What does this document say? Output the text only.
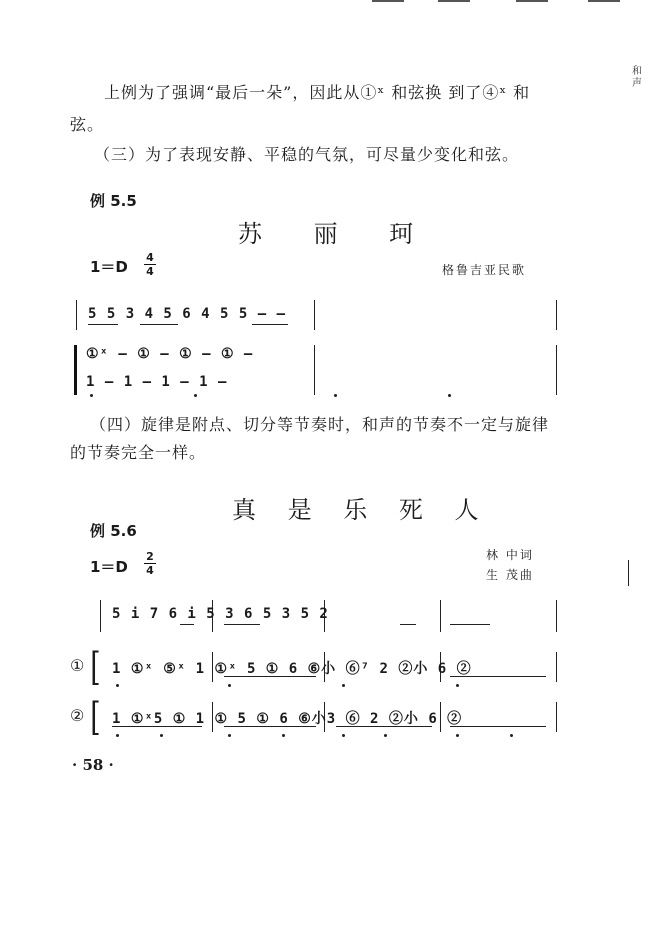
和
声
上例为了强调“最后一朵”，因此从①ˣ 和弦换 到了④ˣ 和
弦。
（三）为了表现安静、平稳的气氛，可尽量少变化和弦。
例 5.5
苏 丽 珂
1＝D
4
4	格鲁吉亚民歌
5 5 3 4 5 6 4 5 5 – –
①ˣ – ① – ① – ① –
1 – 1 – 1 – 1 –
（四）旋律是附点、切分等节奏时，和声的节奏不一定与旋律
的节奏完全一样。
真 是 乐 死 人
例 5.6
林 中词
1＝D
2
4	生 茂曲
5 i 7 6 i 5 3 6 5 3 5 2
① [ 1 ①ˣ ⑤ˣ 1 ①ˣ 5 ① 6 ⑥小 ⑥⁷ 2 ②小 6 ②
② [ 1 ①ˣ5 ① 1 ① 5 ① 6 ⑥小3 ⑥ 2 ②小 6 ②
· 58 ·
